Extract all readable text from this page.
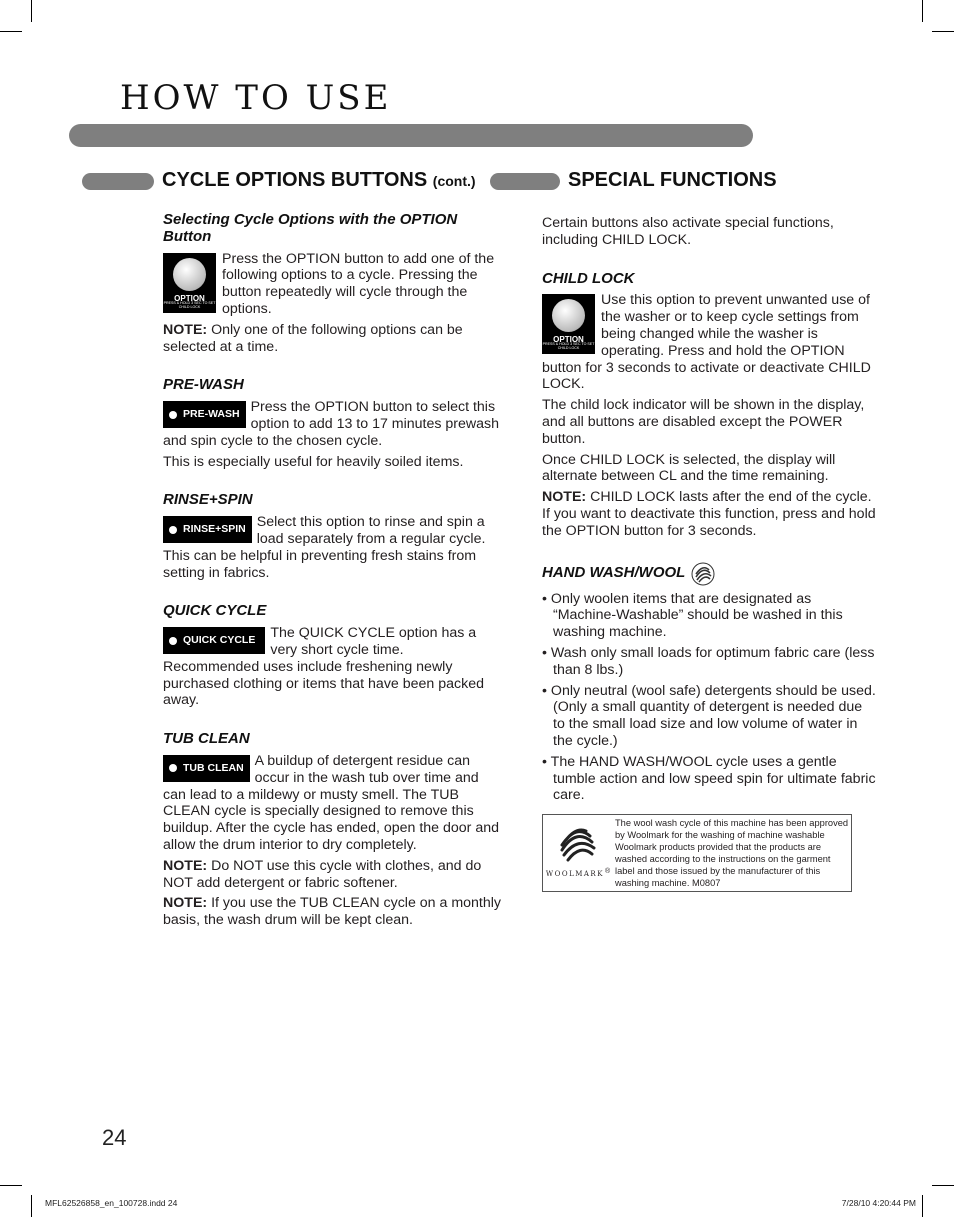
HOW TO USE
CYCLE OPTIONS BUTTONS (cont.)	SPECIAL FUNCTIONS
Selecting Cycle Options with the OPTION Button
OPTION
PRESS & HOLD 3 SEC TO SET CHILD LOCK

Press the OPTION button to add one of the following options to a cycle. Pressing the button repeatedly will cycle through the options.

NOTE: Only one of the following options can be selected at a time.

PRE-WASH
PRE-WASH Press the OPTION button to select this option to add 13 to 17 minutes prewash and spin cycle to the chosen cycle.

This is especially useful for heavily soiled items.

RINSE+SPIN
RINSE+SPIN Select this option to rinse and spin a load separately from a regular cycle. This can be helpful in preventing fresh stains from setting in fabrics.

QUICK CYCLE
QUICK CYCLE	The QUICK CYCLE option has a very short cycle time. Recommended uses include freshening newly purchased clothing or items that have been packed away.

TUB CLEAN
TUB CLEAN A buildup of detergent residue can occur in the wash tub over time and can lead to a mildewy or musty smell. The TUB CLEAN cycle is specially designed to remove this buildup. After the cycle has ended, open the door and allow the drum interior to dry completely.

NOTE: Do NOT use this cycle with clothes, and do NOT add detergent or fabric softener.

NOTE: If you use the TUB CLEAN cycle on a monthly basis, the wash drum will be kept clean.

Certain buttons also activate special functions, including CHILD LOCK.

CHILD LOCK
OPTION
PRESS & HOLD 3 SEC TO SET CHILD LOCK

Use this option to prevent unwanted use of the washer or to keep cycle settings from being changed while the washer is operating. Press and hold the OPTION button for 3 seconds to activate or deactivate CHILD LOCK.

The child lock indicator will be shown in the display, and all buttons are disabled except the POWER button.

Once CHILD LOCK is selected, the display will alternate between CL and the time remaining.

NOTE: CHILD LOCK lasts after the end of the cycle. If you want to deactivate this function, press and hold the OPTION button for 3 seconds.

HAND WASH/WOOL
• Only woolen items that are designated as “Machine-Washable” should be washed in this washing machine.
• Wash only small loads for optimum fabric care (less than 8 lbs.)
• Only neutral (wool safe) detergents should be used. (Only a small quantity of detergent is needed due to the small load size and low volume of water in the cycle.)
• The HAND WASH/WOOL cycle uses a gentle tumble action and low speed spin for ultimate fabric care.
WOOLMARK ®
The wool wash cycle of this machine has been approved by Woolmark for the washing of machine washable Woolmark products provided that the products are washed according to the instructions on the garment label and those issued by the manufacturer of this washing machine. M0807
24
MFL62526858_en_100728.indd 24	7/28/10 4:20:44 PM
